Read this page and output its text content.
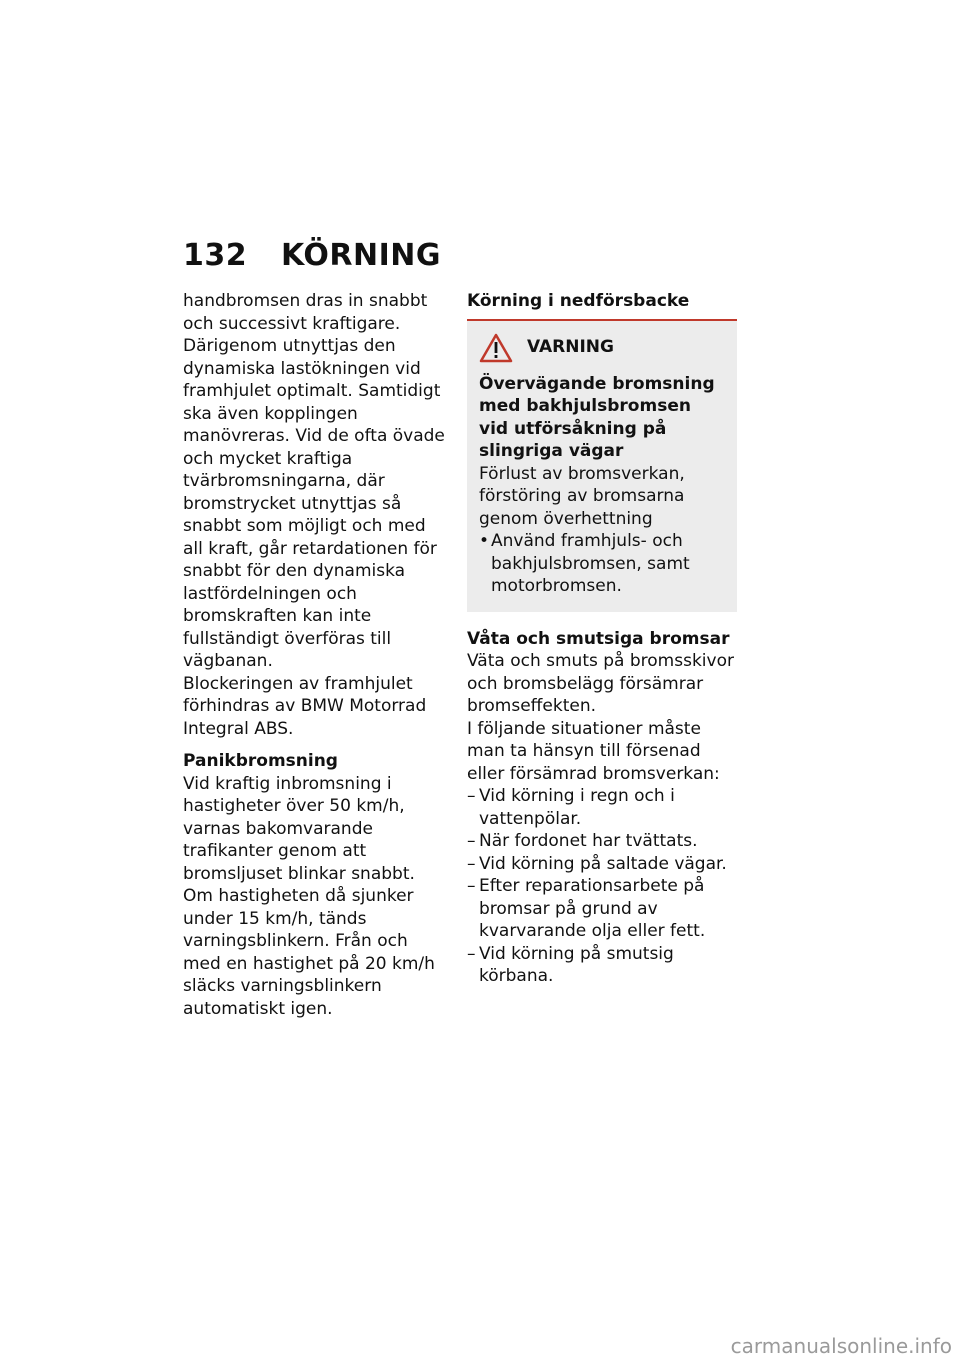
132 KÖRNING

handbromsen dras in snabbt och successivt kraftigare. Därigenom utnyttjas den dynamiska lastökningen vid framhjulet optimalt. Samtidigt ska även kopplingen manövreras. Vid de ofta övade och mycket kraftiga tvärbromsningarna, där bromstrycket utnyttjas så snabbt som möjligt och med all kraft, går retardationen för snabbt för den dynamiska lastfördelningen och bromskraften kan inte fullständigt överföras till vägbanan.

Blockeringen av framhjulet förhindras av BMW Motorrad Integral ABS.

Panikbromsning

Vid kraftig inbromsning i hastigheter över 50 km/h, varnas bakomvarande trafikanter genom att bromsljuset blinkar snabbt.

Om hastigheten då sjunker under 15 km/h, tänds varningsblinkern. Från och med en hastighet på 20 km/h släcks varningsblinkern automatiskt igen.

Körning i nedförsbacke

VARNING

Övervägande bromsning med bakhjulsbromsen vid utförsåkning på slingriga vägar

Förlust av bromsverkan, förstöring av bromsarna genom överhettning

• Använd framhjuls- och bakhjulsbromsen, samt motorbromsen.

Våta och smutsiga bromsar

Väta och smuts på bromsskivor och bromsbelägg försämrar bromseffekten.

I följande situationer måste man ta hänsyn till försenad eller försämrad bromsverkan:

– Vid körning i regn och i vattenpölar.
– När fordonet har tvättats.
– Vid körning på saltade vägar.
– Efter reparationsarbete på bromsar på grund av kvarvarande olja eller fett.
– Vid körning på smutsig körbana.
carmanualsonline.info
